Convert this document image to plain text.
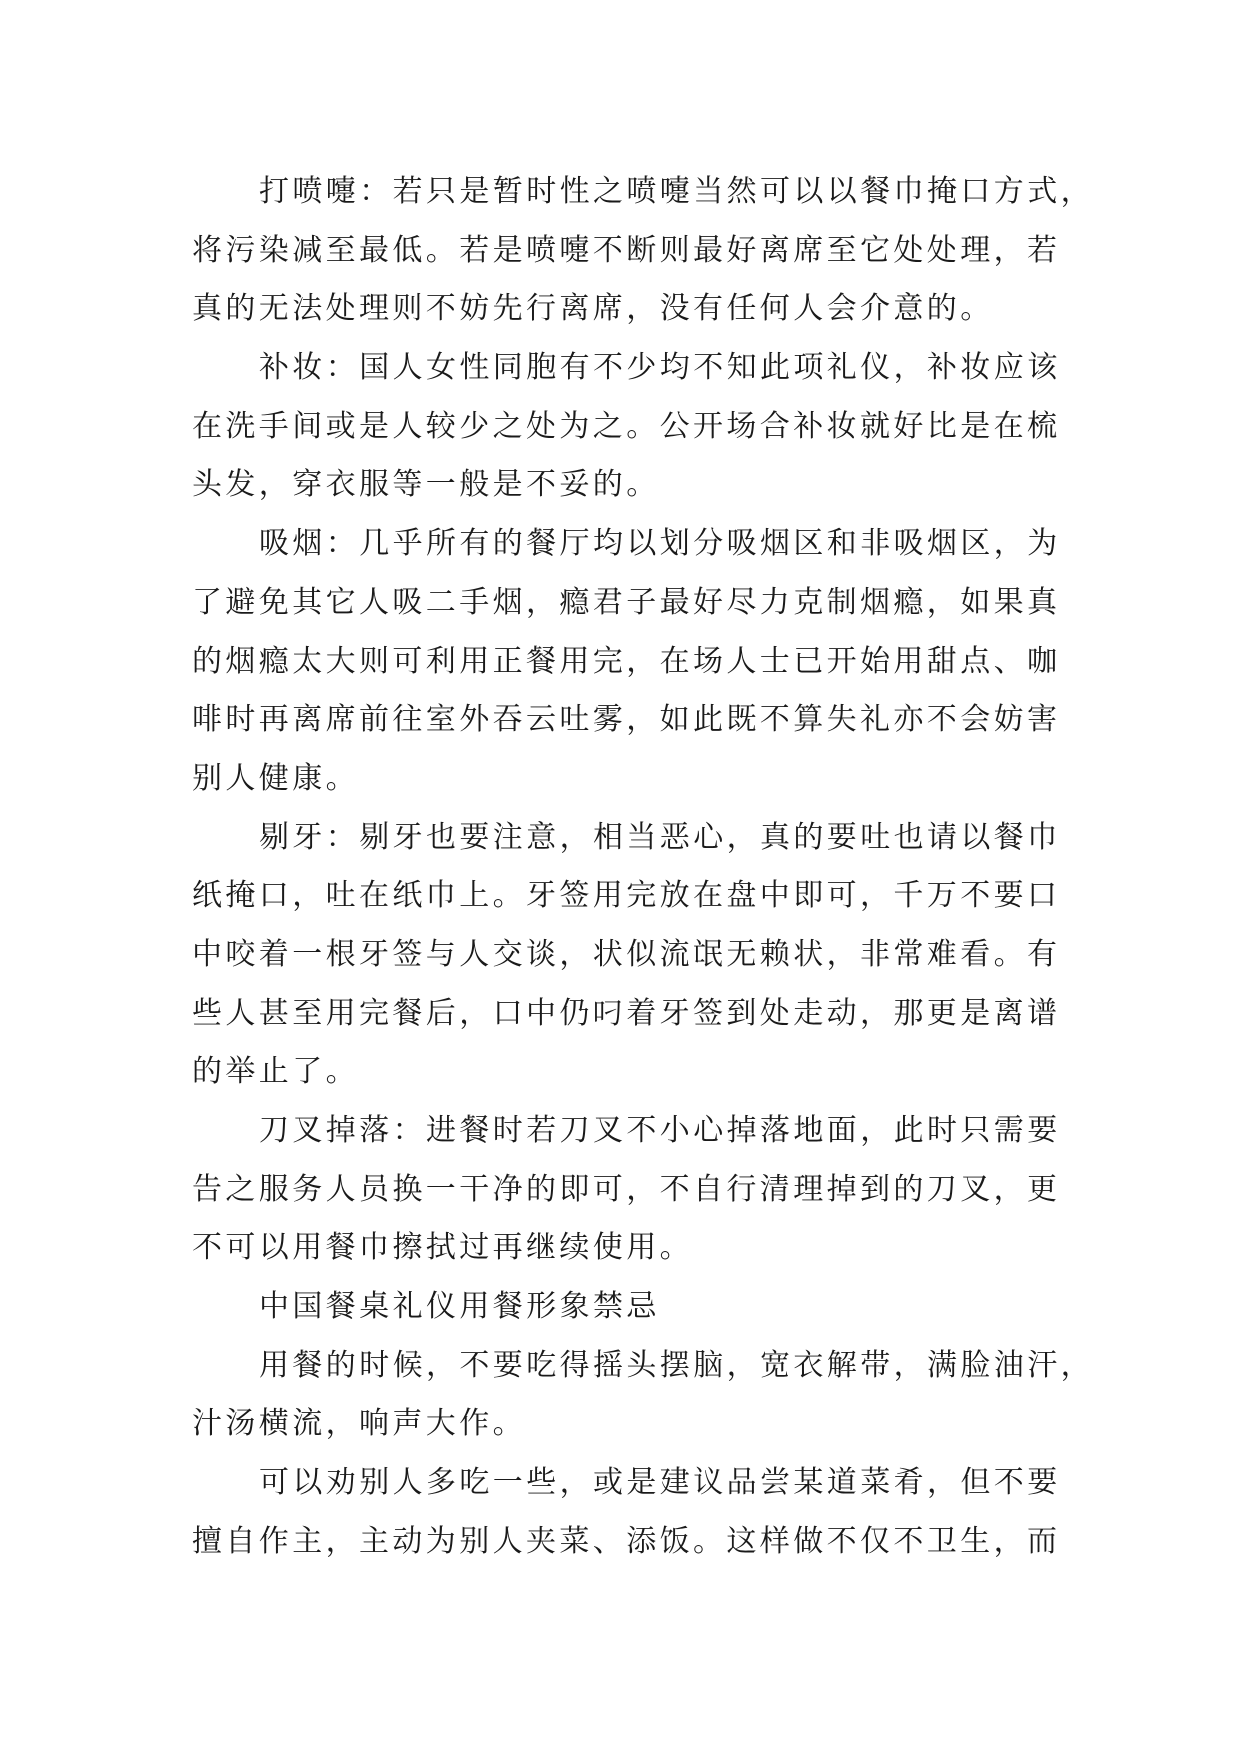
打喷嚏：若只是暂时性之喷嚏当然可以以餐巾掩口方式，
将污染减至最低。若是喷嚏不断则最好离席至它处处理，若
真的无法处理则不妨先行离席，没有任何人会介意的。
补妆：国人女性同胞有不少均不知此项礼仪，补妆应该
在洗手间或是人较少之处为之。公开场合补妆就好比是在梳
头发，穿衣服等一般是不妥的。
吸烟：几乎所有的餐厅均以划分吸烟区和非吸烟区，为
了避免其它人吸二手烟，瘾君子最好尽力克制烟瘾，如果真
的烟瘾太大则可利用正餐用完，在场人士已开始用甜点、咖
啡时再离席前往室外吞云吐雾，如此既不算失礼亦不会妨害
别人健康。
剔牙：剔牙也要注意，相当恶心，真的要吐也请以餐巾
纸掩口，吐在纸巾上。牙签用完放在盘中即可，千万不要口
中咬着一根牙签与人交谈，状似流氓无赖状，非常难看。有
些人甚至用完餐后，口中仍叼着牙签到处走动，那更是离谱
的举止了。
刀叉掉落：进餐时若刀叉不小心掉落地面，此时只需要
告之服务人员换一干净的即可，不自行清理掉到的刀叉，更
不可以用餐巾擦拭过再继续使用。
中国餐桌礼仪用餐形象禁忌
用餐的时候，不要吃得摇头摆脑，宽衣解带，满脸油汗，
汁汤横流，响声大作。
可以劝别人多吃一些，或是建议品尝某道菜肴，但不要
擅自作主，主动为别人夹菜、添饭。这样做不仅不卫生，而
